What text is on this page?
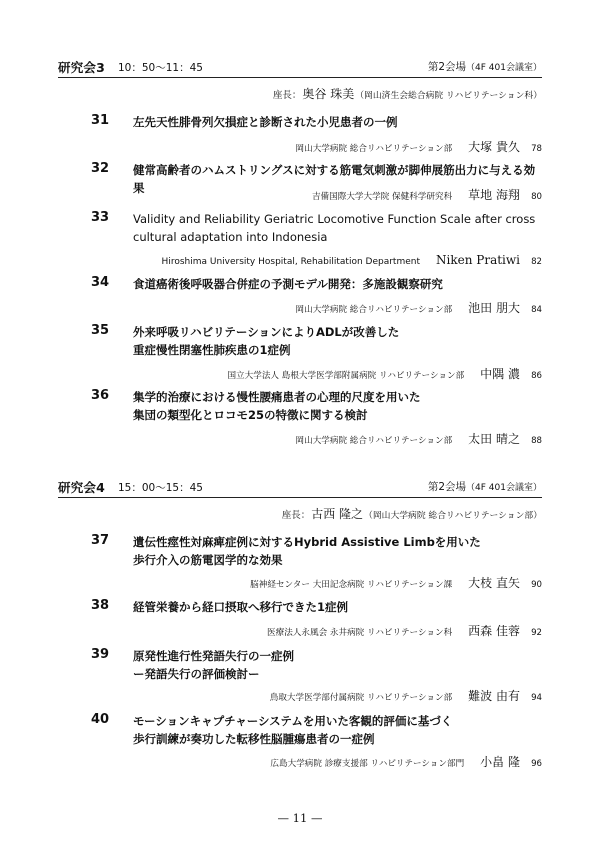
研究会3 10：50〜11：45	第2会場（4F 401会議室）
座長：奥谷 珠美（岡山済生会総合病院 リハビリテーション科）
31 左先天性腓骨列欠損症と診断された小児患者の一例
岡山大学病院 総合リハビリテーション部 大塚 貴久 78
32 健常高齢者のハムストリングスに対する筋電気刺激が脚伸展筋出力に与える効果
吉備国際大学大学院 保健科学研究科 草地 海翔 80
33 Validity and Reliability Geriatric Locomotive Function Scale after cross
cultural adaptation into Indonesia
Hiroshima University Hospital, Rehabilitation Department Niken Pratiwi 82
34 食道癌術後呼吸器合併症の予測モデル開発：多施設観察研究
岡山大学病院 総合リハビリテーション部 池田 朋大 84
35 外来呼吸リハビリテーションによりADLが改善した
重症慢性閉塞性肺疾患の1症例
国立大学法人 島根大学医学部附属病院 リハビリテーション部 中隅 濃 86
36 集学的治療における慢性腰痛患者の心理的尺度を用いた
集団の類型化とロコモ25の特徴に関する検討
岡山大学病院 総合リハビリテーション部 太田 晴之 88
研究会4 15：00〜15：45	第2会場（4F 401会議室）
座長：古西 隆之（岡山大学病院 総合リハビリテーション部）
37 遺伝性痙性対麻痺症例に対するHybrid Assistive Limbを用いた
歩行介入の筋電図学的な効果
脳神経センター 大田記念病院 リハビリテーション課 大枝 直矢 90
38 経管栄養から経口摂取へ移行できた1症例
医療法人永風会 永井病院 リハビリテーション科 西森 佳蓉 92
39 原発性進行性発語失行の一症例
ー発語失行の評価検討ー
鳥取大学医学部付属病院 リハビリテーション部 難波 由有 94
40 モーションキャプチャーシステムを用いた客観的評価に基づく
歩行訓練が奏功した転移性脳腫瘍患者の一症例
広島大学病院 診療支援部 リハビリテーション部門 小畠 隆 96
— 11 —
